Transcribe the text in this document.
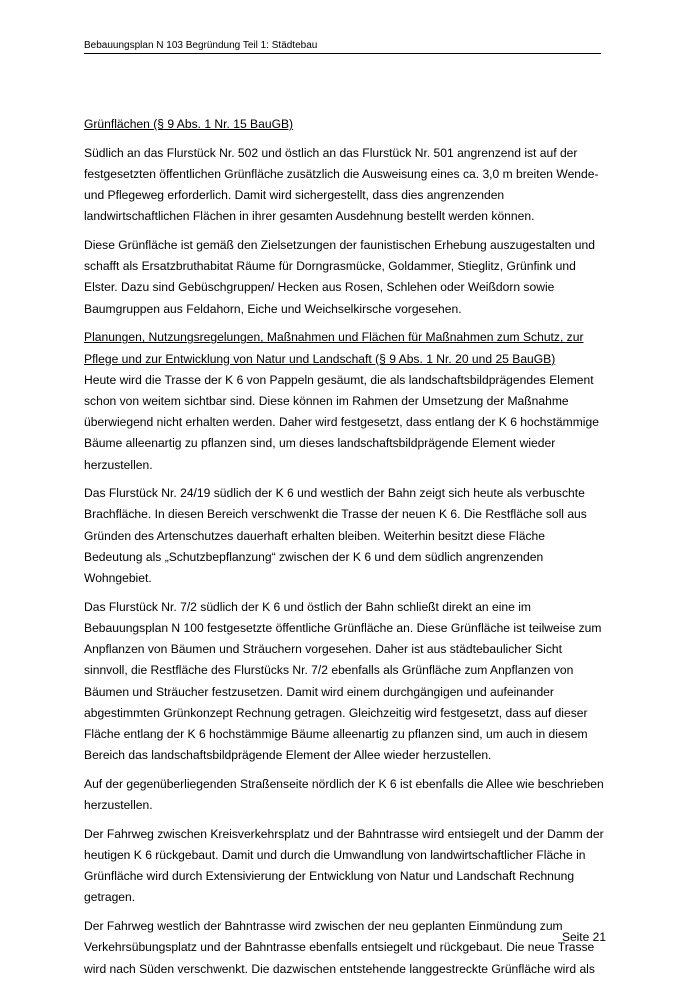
Bebauungsplan N 103 Begründung Teil 1: Städtebau

Grünflächen (§ 9 Abs. 1 Nr. 15 BauGB)

Südlich an das Flurstück Nr. 502 und östlich an das Flurstück Nr. 501 angrenzend ist auf der festgesetzten öffentlichen Grünfläche zusätzlich die Ausweisung eines ca. 3,0 m breiten Wende- und Pflegeweg erforderlich. Damit wird sichergestellt, dass dies angrenzenden landwirtschaftlichen Flächen in ihrer gesamten Ausdehnung bestellt werden können.

Diese Grünfläche ist gemäß den Zielsetzungen der faunistischen Erhebung auszugestalten und schafft als Ersatzbruthabitat Räume für Dorngrasmücke, Goldammer, Stieglitz, Grünfink und Elster. Dazu sind Gebüschgruppen/ Hecken aus Rosen, Schlehen oder Weißdorn sowie Baumgruppen aus Feldahorn, Eiche und Weichselkirsche vorgesehen.

Planungen, Nutzungsregelungen, Maßnahmen und Flächen für Maßnahmen zum Schutz, zur Pflege und zur Entwicklung von Natur und Landschaft (§ 9 Abs. 1 Nr. 20 und 25 BauGB)

Heute wird die Trasse der K 6 von Pappeln gesäumt, die als landschaftsbildprägendes Element schon von weitem sichtbar sind. Diese können im Rahmen der Umsetzung der Maßnahme überwiegend nicht erhalten werden. Daher wird festgesetzt, dass entlang der K 6 hochstämmige Bäume alleenartig zu pflanzen sind, um dieses landschaftsbildprägende Element wieder herzustellen.

Das Flurstück Nr. 24/19 südlich der K 6 und westlich der Bahn zeigt sich heute als verbuschte Brachfläche. In diesen Bereich verschwenkt die Trasse der neuen K 6. Die Restfläche soll aus Gründen des Artenschutzes dauerhaft erhalten bleiben. Weiterhin besitzt diese Fläche Bedeutung als „Schutzbepflanzung“ zwischen der K 6 und dem südlich angrenzenden Wohngebiet.

Das Flurstück Nr. 7/2 südlich der K 6 und östlich der Bahn schließt direkt an eine im Bebauungsplan N 100 festgesetzte öffentliche Grünfläche an. Diese Grünfläche ist teilweise zum Anpflanzen von Bäumen und Sträuchern vorgesehen. Daher ist aus städtebaulicher Sicht sinnvoll, die Restfläche des Flurstücks Nr. 7/2 ebenfalls als Grünfläche zum Anpflanzen von Bäumen und Sträucher festzusetzen. Damit wird einem durchgängigen und aufeinander abgestimmten Grünkonzept Rechnung getragen. Gleichzeitig wird festgesetzt, dass auf dieser Fläche entlang der K 6 hochstämmige Bäume alleenartig zu pflanzen sind, um auch in diesem Bereich das landschaftsbildprägende Element der Allee wieder herzustellen.

Auf der gegenüberliegenden Straßenseite nördlich der K 6 ist ebenfalls die Allee wie beschrieben herzustellen.

Der Fahrweg zwischen Kreisverkehrsplatz und der Bahntrasse wird entsiegelt und der Damm der heutigen K 6 rückgebaut. Damit und durch die Umwandlung von landwirtschaftlicher Fläche in Grünfläche wird durch Extensivierung der Entwicklung von Natur und Landschaft Rechnung getragen.

Der Fahrweg westlich der Bahntrasse wird zwischen der neu geplanten Einmündung zum Verkehrsübungsplatz und der Bahntrasse ebenfalls entsiegelt und rückgebaut. Die neue Trasse wird nach Süden verschwenkt. Die dazwischen entstehende langgestreckte Grünfläche wird als

Seite 21
